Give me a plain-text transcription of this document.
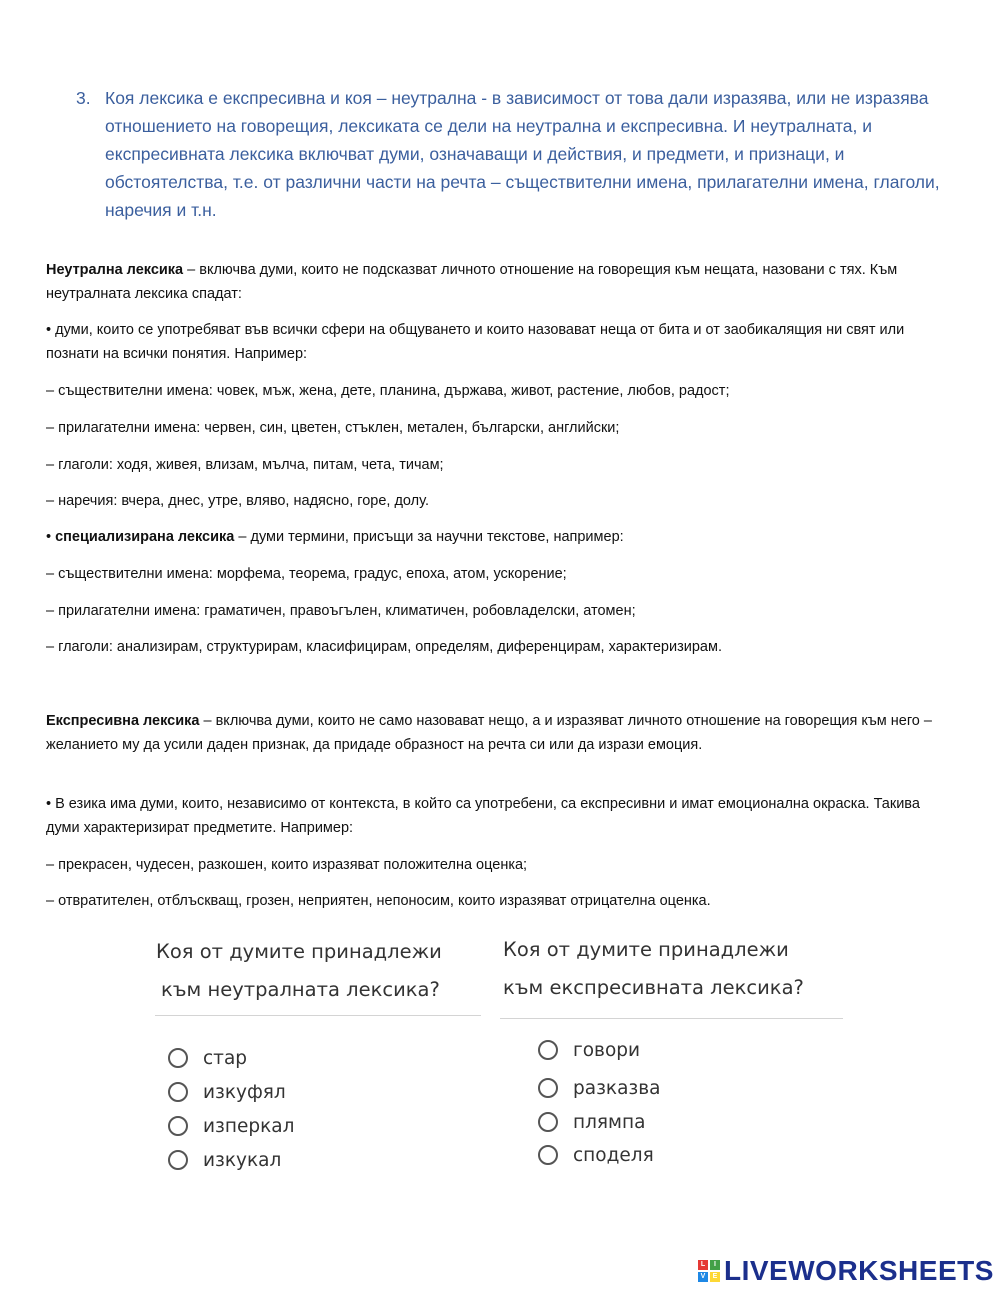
3. Коя лексика е експресивна и коя – неутрална - в зависимост от това дали изразява, или не изразява отношението на говорещия, лексиката се дели на неутрална и експресивна. И неутралната, и експресивната лексика включват думи, означаващи и действия, и предмети, и признаци, и обстоятелства, т.е. от различни части на речта – съществителни имена, прилагателни имена, глаголи, наречия и т.н.
Неутрална лексика – включва думи, които не подсказват личното отношение на говорещия към нещата, назовани с тях. Към неутралната лексика спадат:
• думи, които се употребяват във всички сфери на общуването и които назовават неща от бита и от заобикалящия ни свят или познати на всички понятия. Например:
– съществителни имена: човек, мъж, жена, дете, планина, държава, живот, растение, любов, радост;
– прилагателни имена: червен, син, цветен, стъклен, метален, български, английски;
– глаголи: ходя, живея, влизам, мълча, питам, чета, тичам;
– наречия: вчера, днес, утре, вляво, надясно, горе, долу.
• специализирана лексика – думи термини, присъщи за научни текстове, например:
– съществителни имена: морфема, теорема, градус, епоха, атом, ускорение;
– прилагателни имена: граматичен, правоъгълен, климатичен, робовладелски, атомен;
– глаголи: анализирам, структурирам, класифицирам, определям, диференцирам, характеризирам.
Експресивна лексика – включва думи, които не само назовават нещо, а и изразяват личното отношение на говорещия към него – желанието му да усили даден признак, да придаде образност на речта си или да изрази емоция.
• В езика има думи, които, независимо от контекста, в който са употребени, са експресивни и имат емоционална окраска. Такива думи характеризират предметите. Например:
– прекрасен, чудесен, разкошен, които изразяват положителна оценка;
– отвратителен, отблъскващ, грозен, неприятен, непоносим, които изразяват отрицателна оценка.
Коя от думите принадлежи
към неутралната лексика?
стар
изкуфял
изперкал
изкукал
Коя от думите принадлежи
към експресивната лексика?
говори
разказва
плямпа
споделя
L	I
V	E LIVEWORKSHEETS
